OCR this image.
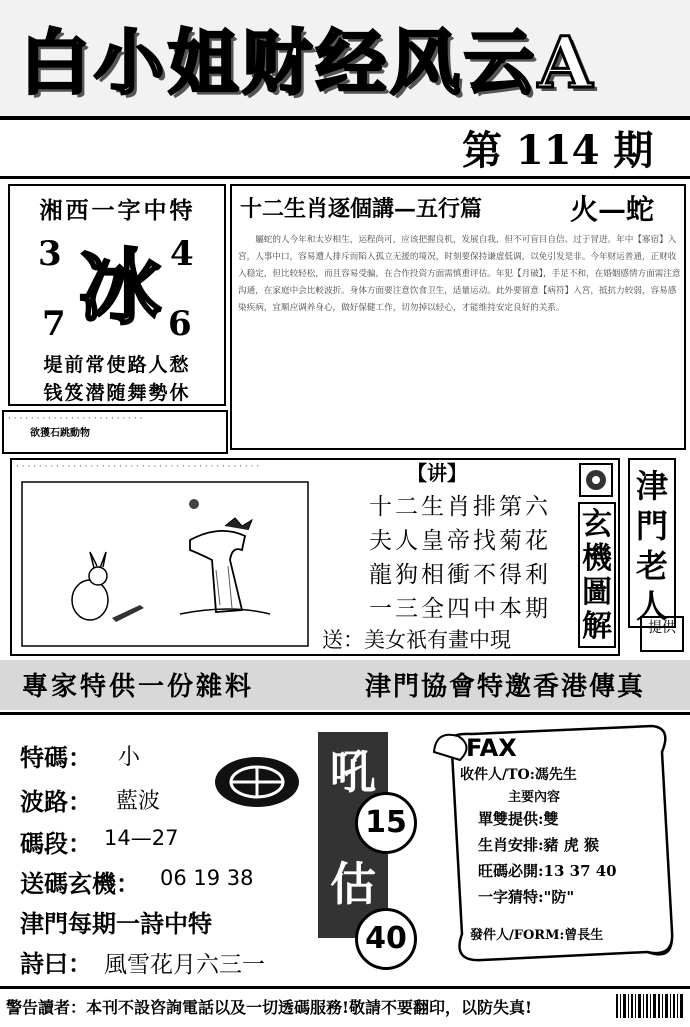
白小姐财经风云A
第 114 期
湘西一字中特
3	4
7	6
冰
堤前常使路人愁
钱笈潜随舞勢休
· · · · · · · · · · · · · · · · · · · · · · · ·
欲獲石跳動物
十二生肖逐個講—五行篇	火—蛇
屬蛇的人今年和太岁相生，运程尚可，应该把握良机，发展自我，但不可盲目自信、过于冒进。年中【寡宿】入宮，人事中口，容易遭人排斥而陷入孤立无援的境况，时刻要保持谦虚低调，以免引发是非。今年财运普通，正财收入稳定，但比较轻松，而且容易受骗，在合作投资方面需慎重评估。年犯【月破】，手足不和，在婚姻感情方面需注意沟通，在家庭中会比較波折。身体方面要注意饮食卫生，适量运动。此外要留意【病符】入宮，抵抗力较弱，容易感染疾病，宜顺应调养身心，做好保健工作，切勿掉以轻心，才能维持安定良好的关系。
· · · · · · · · · · · · · · · · · · · · · · · · · · · · · · · · · · · · · · · · · · ·	【讲】
十二生肖排第六
夫人皇帝找菊花
龍狗相衝不得利
一三全四中本期
送：美女祇有畫中現
玄機圖解
津門老人
提供
專家特供一份雜料	津門協會特邀香港傳真
特碼： 小
波路： 藍波
碼段： 14—27
送碼玄機： 06 19 38
津門每期一詩中特
詩曰： 風雪花月六三一
吼
15
估
40
FAX
收件人/TO:馮先生
主要內容
單雙提供:雙
生肖安排:豬 虎 猴
旺碼必開:13 37 40
一字猜特:"防"
發件人/FORM:曾長生
警告讀者：本刊不設咨詢電話以及一切透碼服務!敬請不要翻印，以防失真!
